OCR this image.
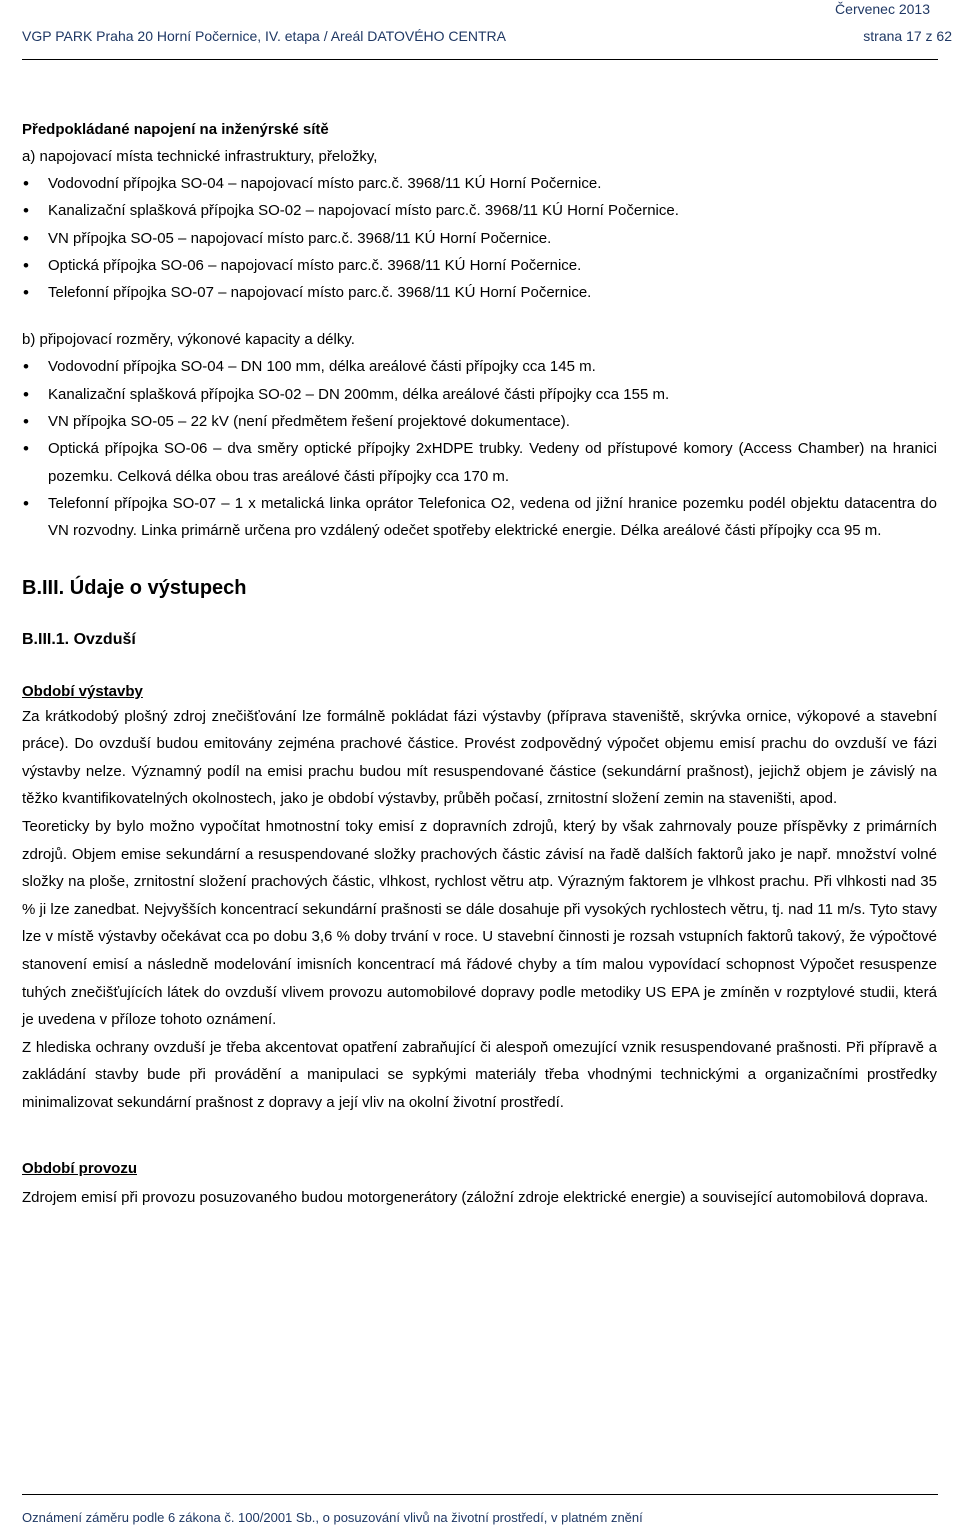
Červenec 2013
VGP PARK Praha 20 Horní Počernice, IV. etapa / Areál DATOVÉHO CENTRA	strana 17 z 62
Předpokládané napojení na inženýrské sítě
a) napojovací místa technické infrastruktury, přeložky,
• Vodovodní přípojka SO-04 – napojovací místo parc.č. 3968/11 KÚ Horní Počernice.
• Kanalizační splašková přípojka SO-02 – napojovací místo parc.č. 3968/11 KÚ Horní Počernice.
• VN přípojka SO-05 – napojovací místo parc.č. 3968/11 KÚ Horní Počernice.
• Optická přípojka SO-06 – napojovací místo parc.č. 3968/11 KÚ Horní Počernice.
• Telefonní přípojka SO-07 – napojovací místo parc.č. 3968/11 KÚ Horní Počernice.
b) připojovací rozměry, výkonové kapacity a délky.
• Vodovodní přípojka SO-04 – DN 100 mm, délka areálové části přípojky cca 145 m.
• Kanalizační splašková přípojka SO-02 – DN 200mm, délka areálové části přípojky cca 155 m.
• VN přípojka SO-05 – 22 kV (není předmětem řešení projektové dokumentace).
• Optická přípojka SO-06 – dva směry optické přípojky 2xHDPE trubky. Vedeny od přístupové komory (Access Chamber) na hranici pozemku. Celková délka obou tras areálové části přípojky cca 170 m.
• Telefonní přípojka SO-07 – 1 x metalická linka oprátor Telefonica O2, vedena od jižní hranice pozemku podél objektu datacentra do VN rozvodny. Linka primárně určena pro vzdálený odečet spotřeby elektrické energie. Délka areálové části přípojky cca 95 m.
B.III. Údaje o výstupech
B.III.1. Ovzduší
Období výstavby
Za krátkodobý plošný zdroj znečišťování lze formálně pokládat fázi výstavby (příprava staveniště, skrývka ornice, výkopové a stavební práce). Do ovzduší budou emitovány zejména prachové částice. Provést zodpovědný výpočet objemu emisí prachu do ovzduší ve fázi výstavby nelze. Významný podíl na emisi prachu budou mít resuspendované částice (sekundární prašnost), jejichž objem je závislý na těžko kvantifikovatelných okolnostech, jako je období výstavby, průběh počasí, zrnitostní složení zemin na staveništi, apod.
Teoreticky by bylo možno vypočítat hmotnostní toky emisí z dopravních zdrojů, který by však zahrnovaly pouze příspěvky z primárních zdrojů. Objem emise sekundární a resuspendované složky prachových částic závisí na řadě dalších faktorů jako je např. množství volné složky na ploše, zrnitostní složení prachových částic, vlhkost, rychlost větru atp. Výrazným faktorem je vlhkost prachu. Při vlhkosti nad 35 % ji lze zanedbat. Nejvyšších koncentrací sekundární prašnosti se dále dosahuje při vysokých rychlostech větru, tj. nad 11 m/s. Tyto stavy lze v místě výstavby očekávat cca po dobu 3,6 % doby trvání v roce. U stavební činnosti je rozsah vstupních faktorů takový, že výpočtové stanovení emisí a následně modelování imisních koncentrací má řádové chyby a tím malou vypovídací schopnost Výpočet resuspenze tuhých znečišťujících látek do ovzduší vlivem provozu automobilové dopravy podle metodiky US EPA je zmíněn v rozptylové studii, která je uvedena v příloze tohoto oznámení.
Z hlediska ochrany ovzduší je třeba akcentovat opatření zabraňující či alespoň omezující vznik resuspendované prašnosti. Při přípravě a zakládání stavby bude při provádění a manipulaci se sypkými materiály třeba vhodnými technickými a organizačními prostředky minimalizovat sekundární prašnost z dopravy a její vliv na okolní životní prostředí.
Období provozu
Zdrojem emisí při provozu posuzovaného budou motorgenerátory (záložní zdroje elektrické energie) a související automobilová doprava.
Oznámení záměru podle 6 zákona č. 100/2001 Sb., o posuzování vlivů na životní prostředí, v platném znění
